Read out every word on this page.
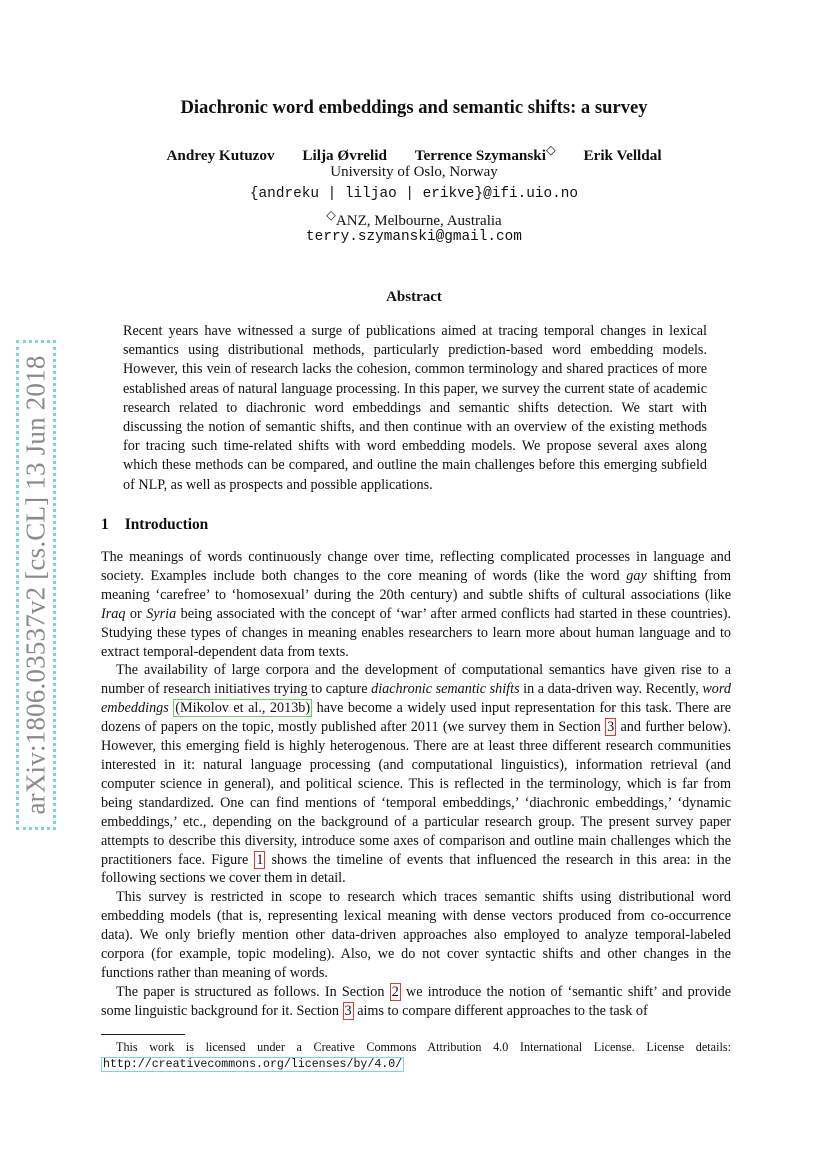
arXiv:1806.03537v2 [cs.CL] 13 Jun 2018
Diachronic word embeddings and semantic shifts: a survey
Andrey Kutuzov Lilja Øvrelid Terrence Szymanski◇ Erik Velldal
University of Oslo, Norway
{andreku | liljao | erikve}@ifi.uio.no
◇ANZ, Melbourne, Australia
terry.szymanski@gmail.com
Abstract
Recent years have witnessed a surge of publications aimed at tracing temporal changes in lexical semantics using distributional methods, particularly prediction-based word embedding models. However, this vein of research lacks the cohesion, common terminology and shared practices of more established areas of natural language processing. In this paper, we survey the current state of academic research related to diachronic word embeddings and semantic shifts detection. We start with discussing the notion of semantic shifts, and then continue with an overview of the existing methods for tracing such time-related shifts with word embedding models. We propose several axes along which these methods can be compared, and outline the main challenges before this emerging subfield of NLP, as well as prospects and possible applications.
1 Introduction

The meanings of words continuously change over time, reflecting complicated processes in language and society. Examples include both changes to the core meaning of words (like the word gay shifting from meaning ‘carefree’ to ‘homosexual’ during the 20th century) and subtle shifts of cultural associations (like Iraq or Syria being associated with the concept of ‘war’ after armed conflicts had started in these countries). Studying these types of changes in meaning enables researchers to learn more about human language and to extract temporal-dependent data from texts.

The availability of large corpora and the development of computational semantics have given rise to a number of research initiatives trying to capture diachronic semantic shifts in a data-driven way. Recently, word embeddings (Mikolov et al., 2013b) have become a widely used input representation for this task. There are dozens of papers on the topic, mostly published after 2011 (we survey them in Section 3 and further below). However, this emerging field is highly heterogenous. There are at least three different research communities interested in it: natural language processing (and computational linguistics), information retrieval (and computer science in general), and political science. This is reflected in the terminology, which is far from being standardized. One can find mentions of ‘temporal embeddings,’ ‘diachronic embeddings,’ ‘dynamic embeddings,’ etc., depending on the background of a particular research group. The present survey paper attempts to describe this diversity, introduce some axes of comparison and outline main challenges which the practitioners face. Figure 1 shows the timeline of events that influenced the research in this area: in the following sections we cover them in detail.

This survey is restricted in scope to research which traces semantic shifts using distributional word embedding models (that is, representing lexical meaning with dense vectors produced from co-occurrence data). We only briefly mention other data-driven approaches also employed to analyze temporal-labeled corpora (for example, topic modeling). Also, we do not cover syntactic shifts and other changes in the functions rather than meaning of words.

The paper is structured as follows. In Section 2 we introduce the notion of ‘semantic shift’ and provide some linguistic background for it. Section 3 aims to compare different approaches to the task of

This work is licensed under a Creative Commons Attribution 4.0 International License. License details:
http://creativecommons.org/licenses/by/4.0/
